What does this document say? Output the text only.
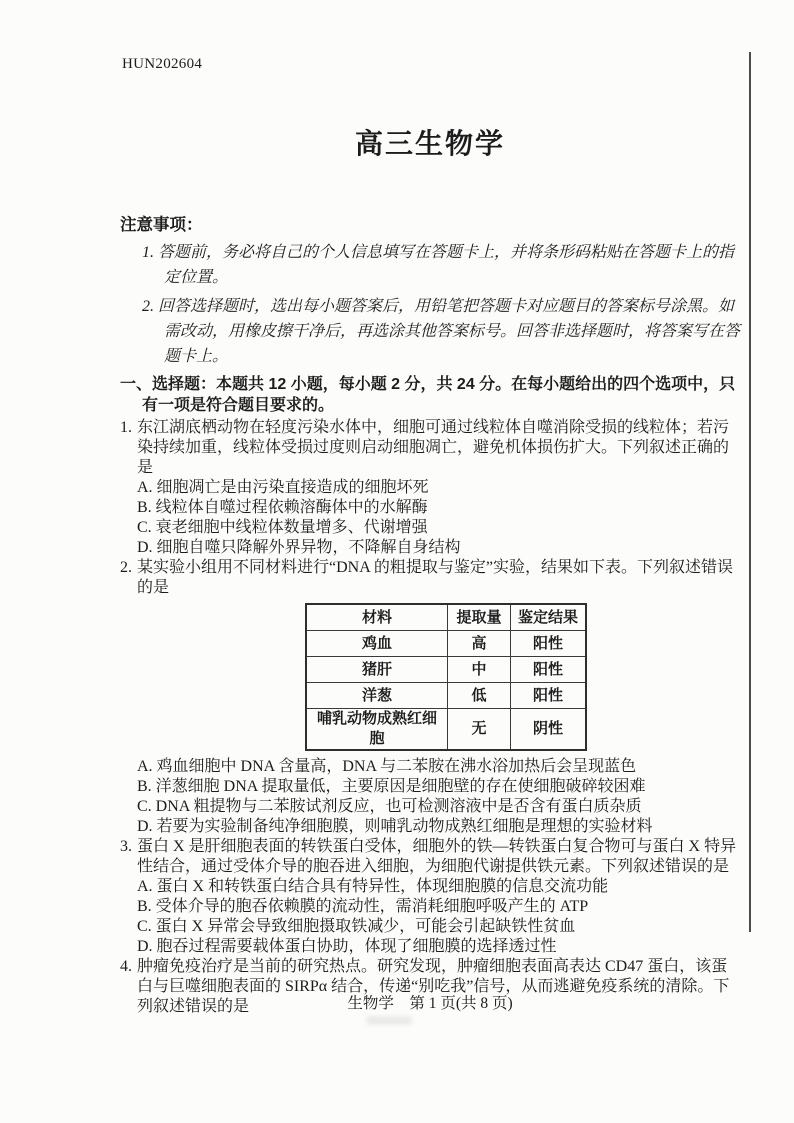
HUN202604
高三生物学
注意事项：
1. 答题前，务必将自己的个人信息填写在答题卡上，并将条形码粘贴在答题卡上的指定位置。
2. 回答选择题时，选出每小题答案后，用铅笔把答题卡对应题目的答案标号涂黑。如需改动，用橡皮擦干净后，再选涂其他答案标号。回答非选择题时，将答案写在答题卡上。
一、选择题：本题共 12 小题，每小题 2 分，共 24 分。在每小题给出的四个选项中，只有一项是符合题目要求的。
1. 东江湖底栖动物在轻度污染水体中，细胞可通过线粒体自噬消除受损的线粒体；若污染持续加重，线粒体受损过度则启动细胞凋亡，避免机体损伤扩大。下列叙述正确的是
A. 细胞凋亡是由污染直接造成的细胞坏死
B. 线粒体自噬过程依赖溶酶体中的水解酶
C. 衰老细胞中线粒体数量增多、代谢增强
D. 细胞自噬只降解外界异物，不降解自身结构
2. 某实验小组用不同材料进行“DNA 的粗提取与鉴定”实验，结果如下表。下列叙述错误的是
材料	提取量	鉴定结果
鸡血	高	阳性
猪肝	中	阳性
洋葱	低	阳性
哺乳动物成熟红细胞	无	阴性
A. 鸡血细胞中 DNA 含量高，DNA 与二苯胺在沸水浴加热后会呈现蓝色
B. 洋葱细胞 DNA 提取量低，主要原因是细胞壁的存在使细胞破碎较困难
C. DNA 粗提物与二苯胺试剂反应，也可检测溶液中是否含有蛋白质杂质
D. 若要为实验制备纯净细胞膜，则哺乳动物成熟红细胞是理想的实验材料
3. 蛋白 X 是肝细胞表面的转铁蛋白受体，细胞外的铁—转铁蛋白复合物可与蛋白 X 特异性结合，通过受体介导的胞吞进入细胞，为细胞代谢提供铁元素。下列叙述错误的是
A. 蛋白 X 和转铁蛋白结合具有特异性，体现细胞膜的信息交流功能
B. 受体介导的胞吞依赖膜的流动性，需消耗细胞呼吸产生的 ATP
C. 蛋白 X 异常会导致细胞摄取铁减少，可能会引起缺铁性贫血
D. 胞吞过程需要载体蛋白协助，体现了细胞膜的选择透过性
4. 肿瘤免疫治疗是当前的研究热点。研究发现，肿瘤细胞表面高表达 CD47 蛋白，该蛋白与巨噬细胞表面的 SIRPα 结合，传递“别吃我”信号，从而逃避免疫系统的清除。下列叙述错误的是	生物学　第 1 页(共 8 页)
